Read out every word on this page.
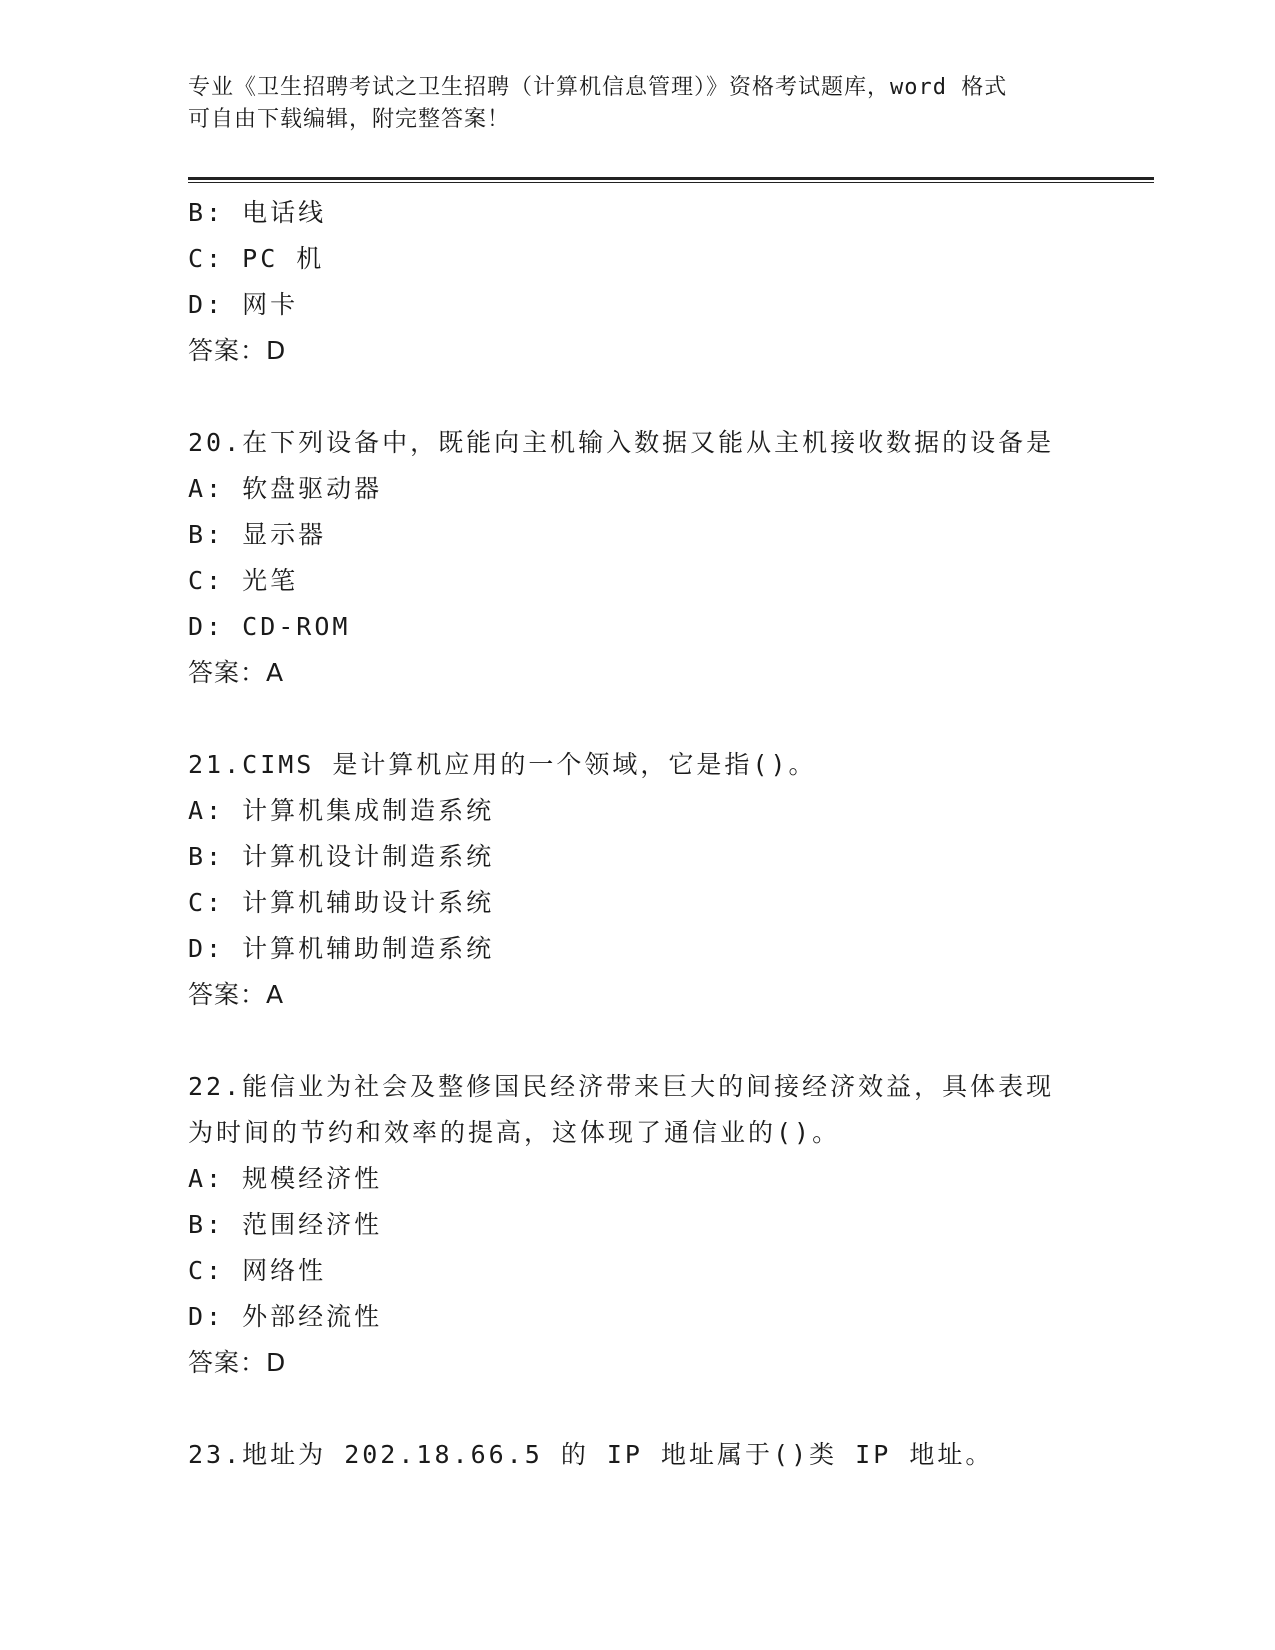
专业《卫生招聘考试之卫生招聘（计算机信息管理）》资格考试题库，word 格式
可自由下载编辑，附完整答案！
B: 电话线
C: PC 机
D: 网卡
答案：D
20.在下列设备中，既能向主机输入数据又能从主机接收数据的设备是
A: 软盘驱动器
B: 显示器
C: 光笔
D: CD-ROM
答案：A
21.CIMS 是计算机应用的一个领域，它是指()。
A: 计算机集成制造系统
B: 计算机设计制造系统
C: 计算机辅助设计系统
D: 计算机辅助制造系统
答案：A
22.能信业为社会及整修国民经济带来巨大的间接经济效益，具体表现
为时间的节约和效率的提高，这体现了通信业的()。
A: 规模经济性
B: 范围经济性
C: 网络性
D: 外部经流性
答案：D
23.地址为 202.18.66.5 的 IP 地址属于()类 IP 地址。
